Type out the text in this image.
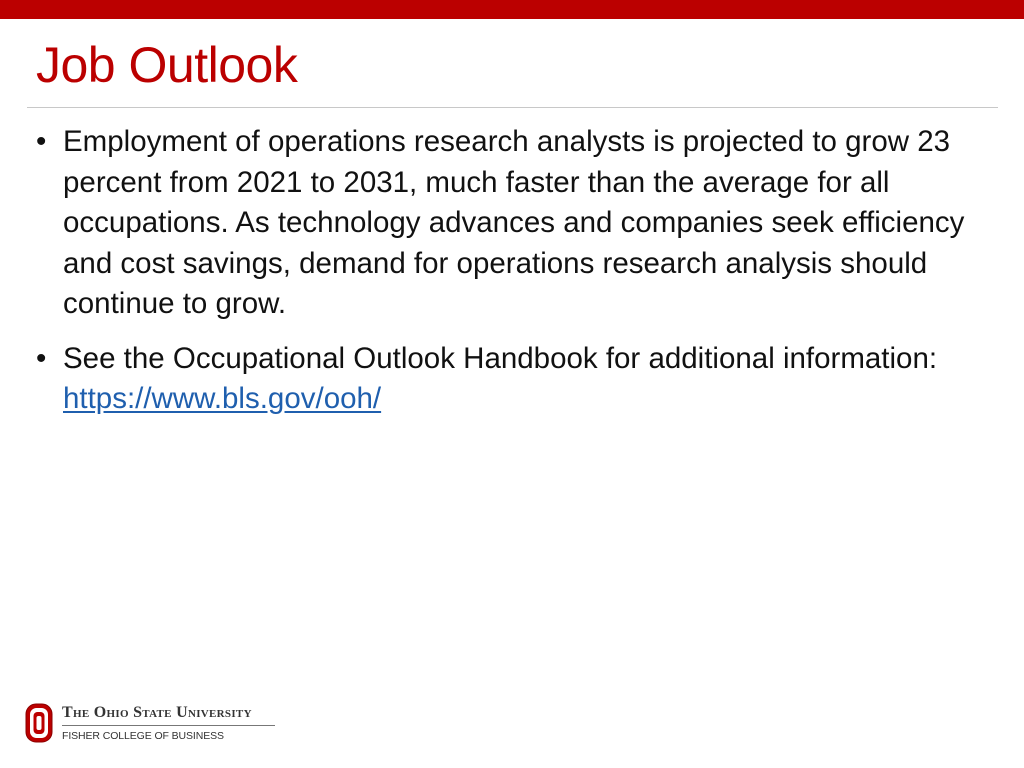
Job Outlook
• Employment of operations research analysts is projected to grow 23 percent from 2021 to 2031, much faster than the average for all occupations. As technology advances and companies seek efficiency and cost savings, demand for operations research analysis should continue to grow.
• See the Occupational Outlook Handbook for additional information: https://www.bls.gov/ooh/
The Ohio State University
FISHER COLLEGE OF BUSINESS
